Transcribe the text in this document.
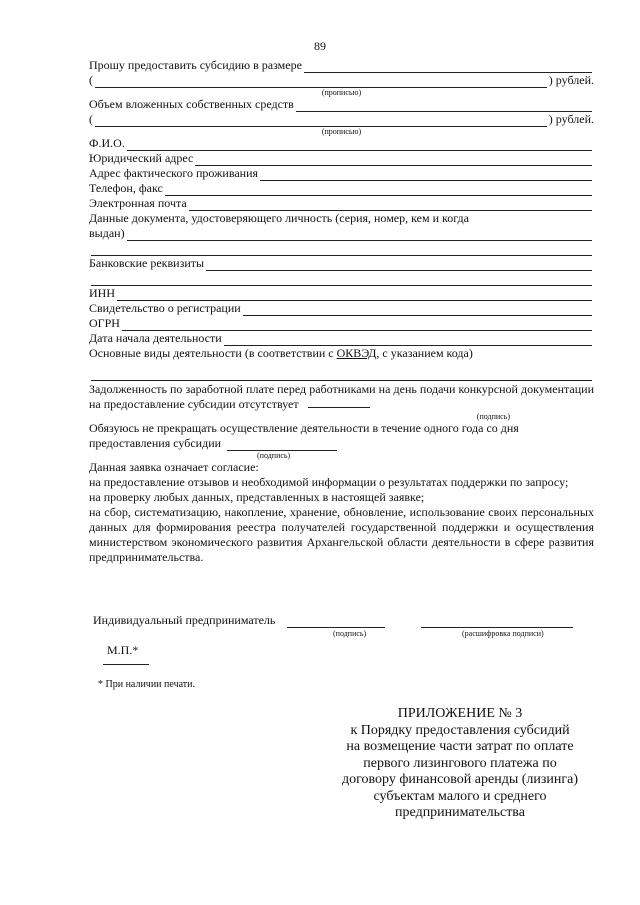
89
Прошу предоставить субсидию в размере
(	) рублей.
(прописью)
Объем вложенных собственных средств
(	) рублей.
(прописью)
Ф.И.О.
Юридический адрес
Адрес фактического проживания
Телефон, факс
Электронная почта
Данные документа, удостоверяющего личность (серия, номер, кем и когда
выдан)
Банковские реквизиты
ИНН
Свидетельство о регистрации
ОГРН
Дата начала деятельности
Основные виды деятельности (в соответствии с ОКВЭД, с указанием кода)
Задолженность по заработной плате перед работниками на день подачи конкурсной документации на предоставление субсидии отсутствует
(подпись)
Обязуюсь не прекращать осуществление деятельности в течение одного года со дня
предоставления субсидии
(подпись)
Данная заявка означает согласие:
на предоставление отзывов и необходимой информации о результатах поддержки по запросу;
на проверку любых данных, представленных в настоящей заявке;
на сбор, систематизацию, накопление, хранение, обновление, использование своих персональных данных для формирования реестра получателей государственной поддержки и осуществления министерством экономического развития Архангельской области деятельности в сфере развития предпринимательства.
Индивидуальный предприниматель
(подпись)	(расшифровка подписи)
М.П.*
* При наличии печати.
ПРИЛОЖЕНИЕ № 3
к Порядку предоставления субсидий
на возмещение части затрат по оплате
первого лизингового платежа по
договору финансовой аренды (лизинга)
субъектам малого и среднего
предпринимательства
